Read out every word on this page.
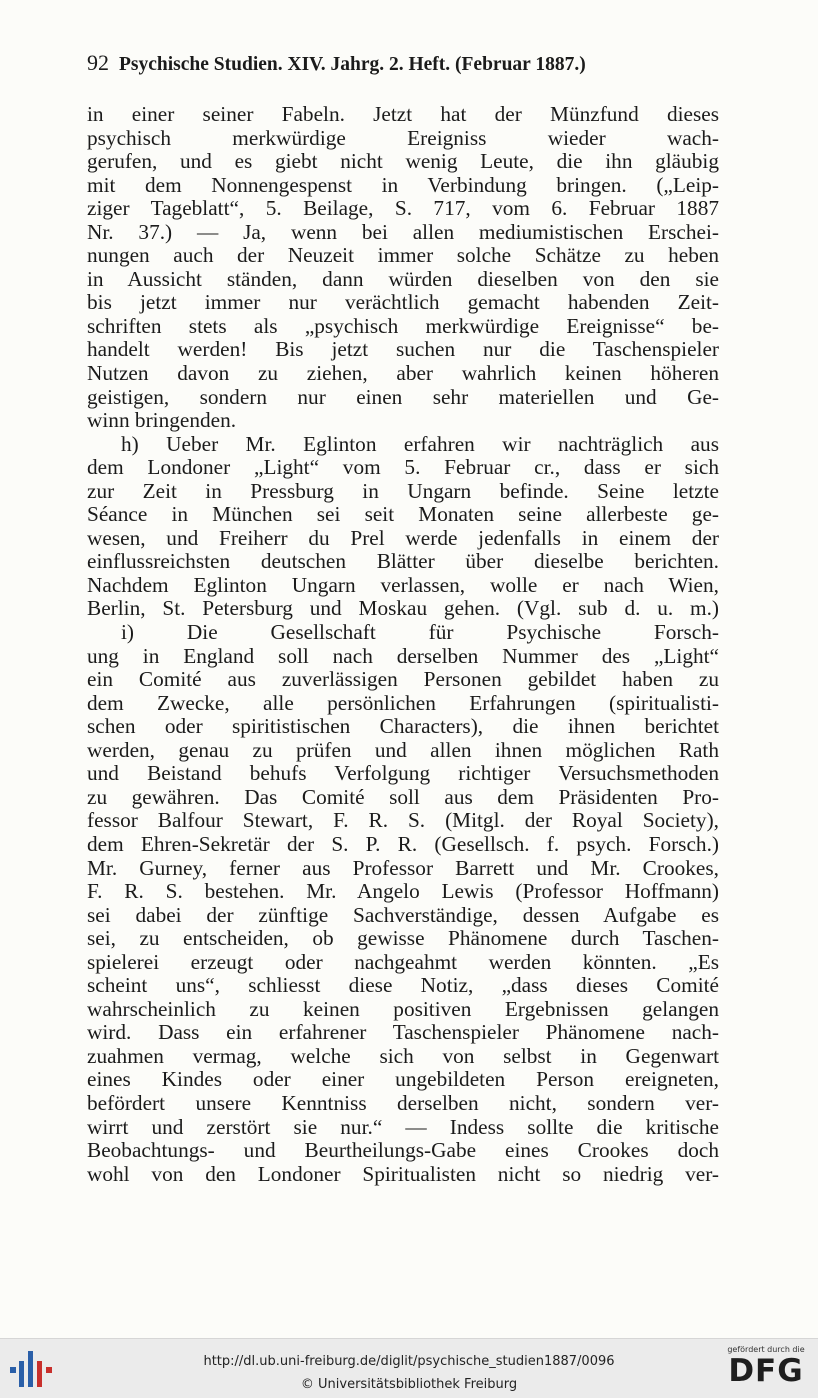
92 Psychische Studien. XIV. Jahrg. 2. Heft. (Februar 1887.)
in einer seiner Fabeln. Jetzt hat der Münzfund dieses
psychisch merkwürdige Ereigniss wieder wach-
gerufen, und es giebt nicht wenig Leute, die ihn gläubig
mit dem Nonnengespenst in Verbindung bringen. („Leip-
ziger Tageblatt“, 5. Beilage, S. 717, vom 6. Februar 1887
Nr. 37.) — Ja, wenn bei allen mediumistischen Erschei-
nungen auch der Neuzeit immer solche Schätze zu heben
in Aussicht ständen, dann würden dieselben von den sie
bis jetzt immer nur verächtlich gemacht habenden Zeit-
schriften stets als „psychisch merkwürdige Ereignisse“ be-
handelt werden! Bis jetzt suchen nur die Taschenspieler
Nutzen davon zu ziehen, aber wahrlich keinen höheren
geistigen, sondern nur einen sehr materiellen und Ge-
winn bringenden.
h) Ueber Mr. Eglinton erfahren wir nachträglich aus
dem Londoner „Light“ vom 5. Februar cr., dass er sich
zur Zeit in Pressburg in Ungarn befinde. Seine letzte
Séance in München sei seit Monaten seine allerbeste ge-
wesen, und Freiherr du Prel werde jedenfalls in einem der
einflussreichsten deutschen Blätter über dieselbe berichten.
Nachdem Eglinton Ungarn verlassen, wolle er nach Wien,
Berlin, St. Petersburg und Moskau gehen. (Vgl. sub d. u. m.)
i) Die Gesellschaft für Psychische Forsch-
ung in England soll nach derselben Nummer des „Light“
ein Comité aus zuverlässigen Personen gebildet haben zu
dem Zwecke, alle persönlichen Erfahrungen (spiritualisti-
schen oder spiritistischen Characters), die ihnen berichtet
werden, genau zu prüfen und allen ihnen möglichen Rath
und Beistand behufs Verfolgung richtiger Versuchsmethoden
zu gewähren. Das Comité soll aus dem Präsidenten Pro-
fessor Balfour Stewart, F. R. S. (Mitgl. der Royal Society),
dem Ehren-Sekretär der S. P. R. (Gesellsch. f. psych. Forsch.)
Mr. Gurney, ferner aus Professor Barrett und Mr. Crookes,
F. R. S. bestehen. Mr. Angelo Lewis (Professor Hoffmann)
sei dabei der zünftige Sachverständige, dessen Aufgabe es
sei, zu entscheiden, ob gewisse Phänomene durch Taschen-
spielerei erzeugt oder nachgeahmt werden könnten. „Es
scheint uns“, schliesst diese Notiz, „dass dieses Comité
wahrscheinlich zu keinen positiven Ergebnissen gelangen
wird. Dass ein erfahrener Taschenspieler Phänomene nach-
zuahmen vermag, welche sich von selbst in Gegenwart
eines Kindes oder einer ungebildeten Person ereigneten,
befördert unsere Kenntniss derselben nicht, sondern ver-
wirrt und zerstört sie nur.“ — Indess sollte die kritische
Beobachtungs- und Beurtheilungs-Gabe eines Crookes doch
wohl von den Londoner Spiritualisten nicht so niedrig ver-
http://dl.ub.uni-freiburg.de/diglit/psychische_studien1887/0096
© Universitätsbibliothek Freiburg
gefördert durch die
DFG
